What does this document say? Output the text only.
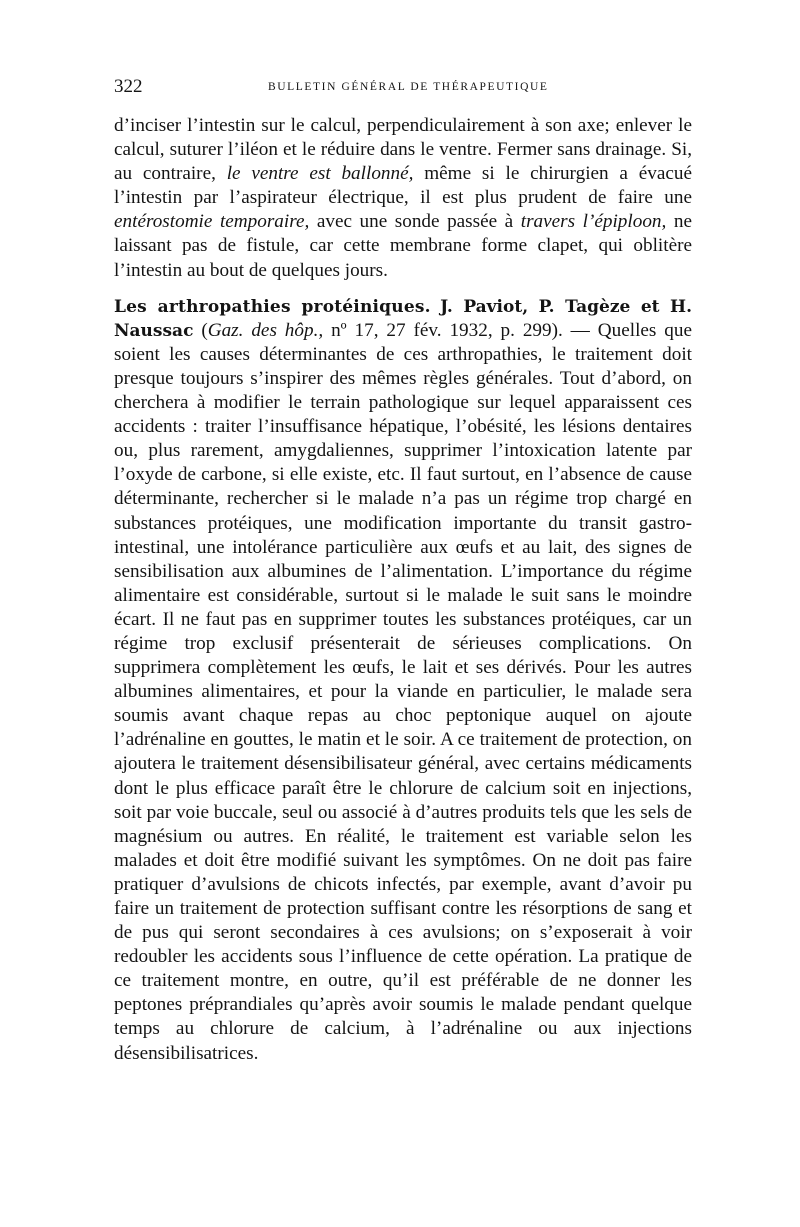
322	BULLETIN GÉNÉRAL DE THÉRAPEUTIQUE

d’inciser l’intestin sur le calcul, perpendiculairement à son axe; enlever le calcul, suturer l’iléon et le réduire dans le ventre. Fermer sans drainage. Si, au contraire, le ventre est ballonné, même si le chirurgien a évacué l’intestin par l’aspirateur électrique, il est plus prudent de faire une entérostomie temporaire, avec une sonde passée à travers l’épiploon, ne laissant pas de fistule, car cette membrane forme clapet, qui oblitère l’intestin au bout de quelques jours.

Les arthropathies protéiniques. J. Paviot, P. Tagèze et H. Naussac (Gaz. des hôp., nº 17, 27 fév. 1932, p. 299). — Quelles que soient les causes déterminantes de ces arthropathies, le traitement doit presque toujours s’inspirer des mêmes règles générales. Tout d’abord, on cherchera à modifier le terrain pathologique sur lequel apparaissent ces accidents : traiter l’insuffisance hépatique, l’obésité, les lésions dentaires ou, plus rarement, amygdaliennes, supprimer l’intoxication latente par l’oxyde de carbone, si elle existe, etc. Il faut surtout, en l’absence de cause déterminante, rechercher si le malade n’a pas un régime trop chargé en substances protéiques, une modification importante du transit gastro-intestinal, une intolérance particulière aux œufs et au lait, des signes de sensibilisation aux albumines de l’alimentation. L’importance du régime alimentaire est considérable, surtout si le malade le suit sans le moindre écart. Il ne faut pas en supprimer toutes les substances protéiques, car un régime trop exclusif présenterait de sérieuses complications. On supprimera complètement les œufs, le lait et ses dérivés. Pour les autres albumines alimentaires, et pour la viande en particulier, le malade sera soumis avant chaque repas au choc peptonique auquel on ajoute l’adrénaline en gouttes, le matin et le soir. A ce traitement de protection, on ajoutera le traitement désensibilisateur général, avec certains médicaments dont le plus efficace paraît être le chlorure de calcium soit en injections, soit par voie buccale, seul ou associé à d’autres produits tels que les sels de magnésium ou autres. En réalité, le traitement est variable selon les malades et doit être modifié suivant les symptômes. On ne doit pas faire pratiquer d’avulsions de chicots infectés, par exemple, avant d’avoir pu faire un traitement de protection suffisant contre les résorptions de sang et de pus qui seront secondaires à ces avulsions; on s’exposerait à voir redoubler les accidents sous l’influence de cette opération. La pratique de ce traitement montre, en outre, qu’il est préférable de ne donner les peptones préprandiales qu’après avoir soumis le malade pendant quelque temps au chlorure de calcium, à l’adrénaline ou aux injections désensibilisatrices.
